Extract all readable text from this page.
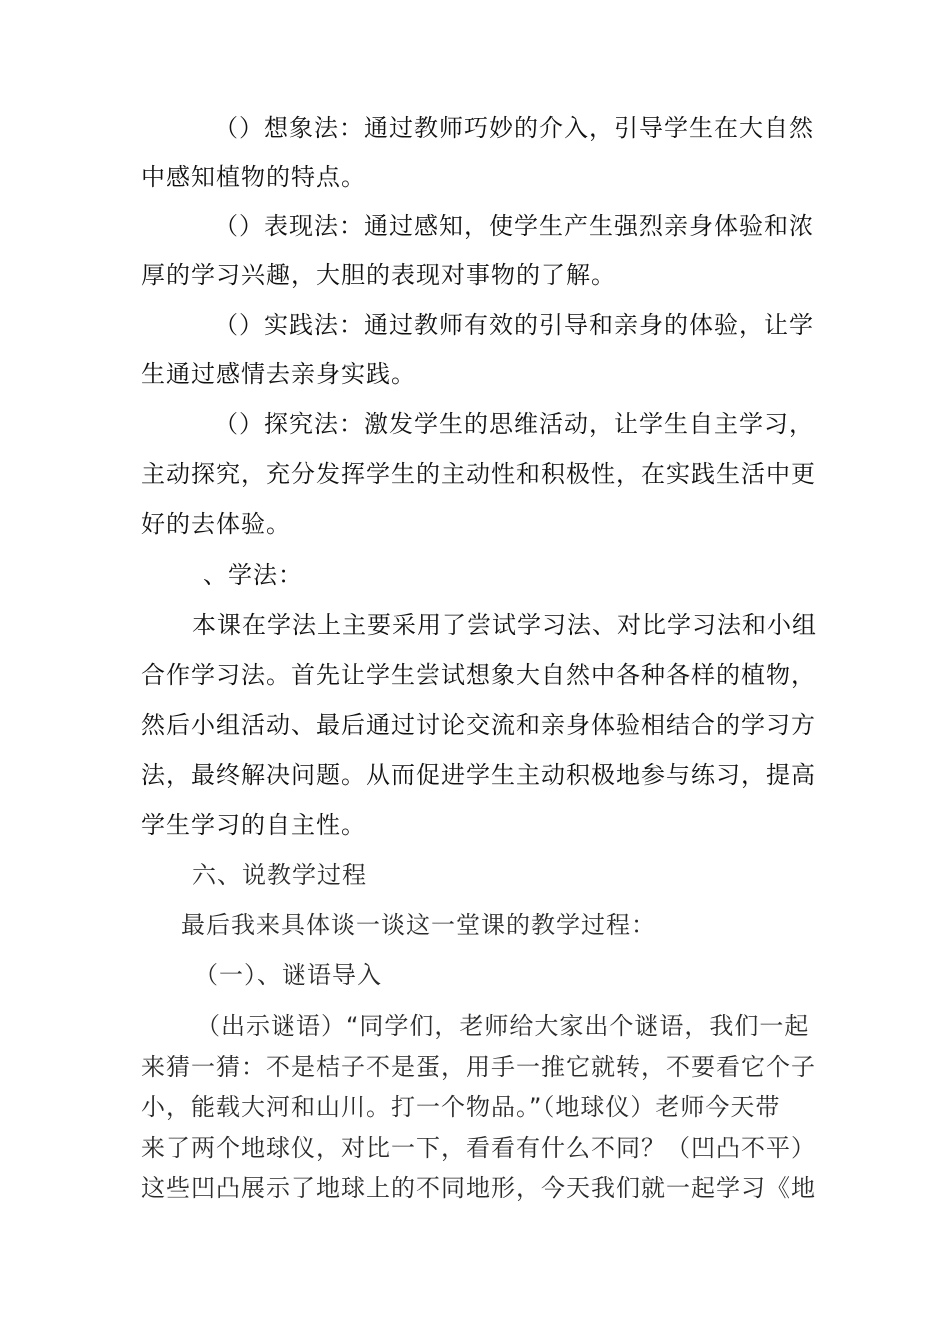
（）想象法：通过教师巧妙的介入，引导学生在大自然
中感知植物的特点。
（）表现法：通过感知，使学生产生强烈亲身体验和浓
厚的学习兴趣，大胆的表现对事物的了解。
（）实践法：通过教师有效的引导和亲身的体验，让学
生通过感情去亲身实践。
（）探究法：激发学生的思维活动，让学生自主学习，
主动探究，充分发挥学生的主动性和积极性，在实践生活中更
好的去体验。
、学法：
本课在学法上主要采用了尝试学习法、对比学习法和小组
合作学习法。首先让学生尝试想象大自然中各种各样的植物，
然后小组活动、最后通过讨论交流和亲身体验相结合的学习方
法，最终解决问题。从而促进学生主动积极地参与练习，提高
学生学习的自主性。
六、说教学过程
最后我来具体谈一谈这一堂课的教学过程：
（一）、谜语导入
（出示谜语）“同学们，老师给大家出个谜语，我们一起
来猜一猜：不是桔子不是蛋，用手一推它就转，不要看它个子
小，能载大河和山川。打一个物品。”（地球仪）老师今天带
来了两个地球仪，对比一下，看看有什么不同？（凹凸不平）
这些凹凸展示了地球上的不同地形，今天我们就一起学习《地
